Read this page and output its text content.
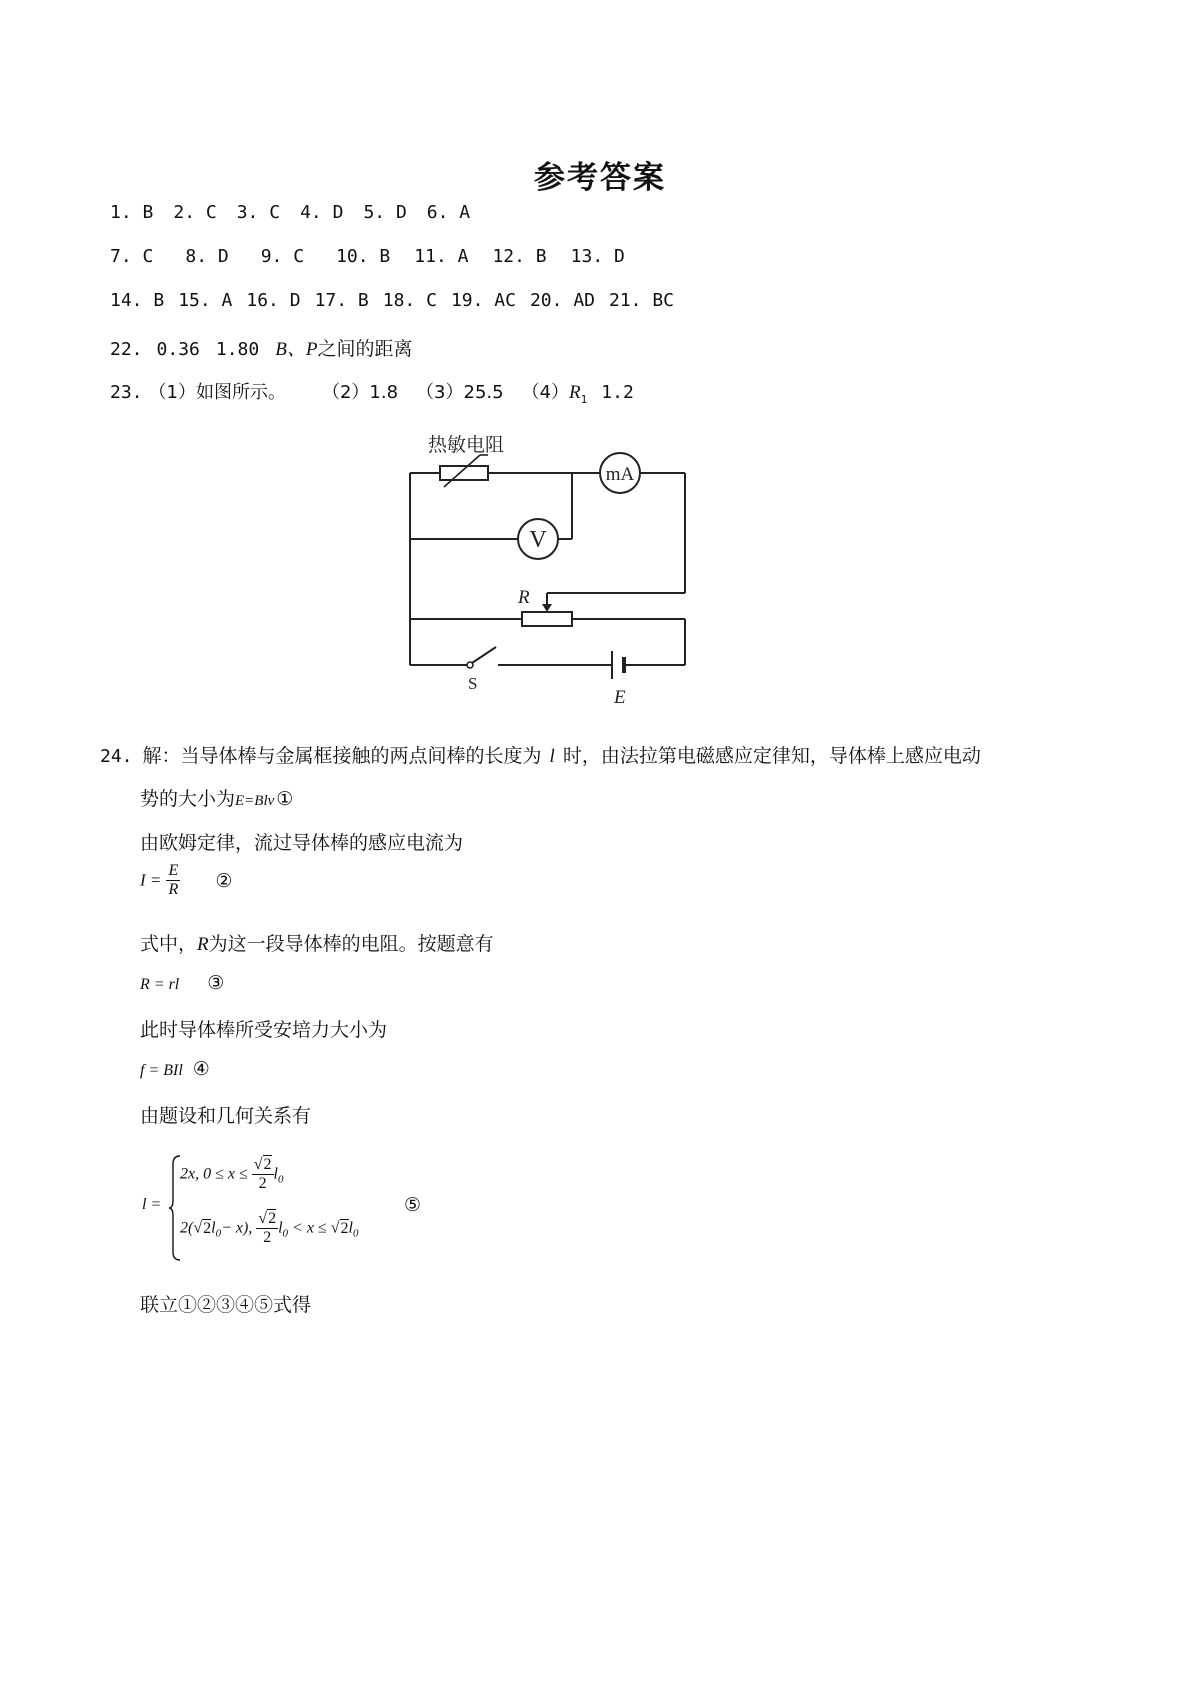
参考答案
1. B 2. C 3. C 4. D 5. D 6. A
7. C 8. D 9. C 10. B 11. A 12. B 13. D
14. B 15. A 16. D 17. B 18. C 19. AC 20. AD 21. BC
22. 0.36 1.80 B、P之间的距离
23. （1）如图所示。 （2）1.8 （3）25.5 $(4)R_1$ 1.2
热敏电阻
mA
V
R
S
E
24. 解：当导体棒与金属框接触的两点间棒的长度为 l 时，由法拉第电磁感应定律知，导体棒上感应电动
势的大小为E=Blv ①
由欧姆定律，流过导体棒的感应电流为
$I = \frac{E}{R}$ ②
式中，R为这一段导体棒的电阻。按题意有
R = rl ③
此时导体棒所受安培力大小为
f = BIl ④
由题设和几何关系有
l =
2x, $0 \le x \le \frac{√2}{2} l_0$
$2(√2l_0- x)$, $\frac{√2}{2} l_0 < x \le √2l_0$
⑤
联立①②③④⑤式得
